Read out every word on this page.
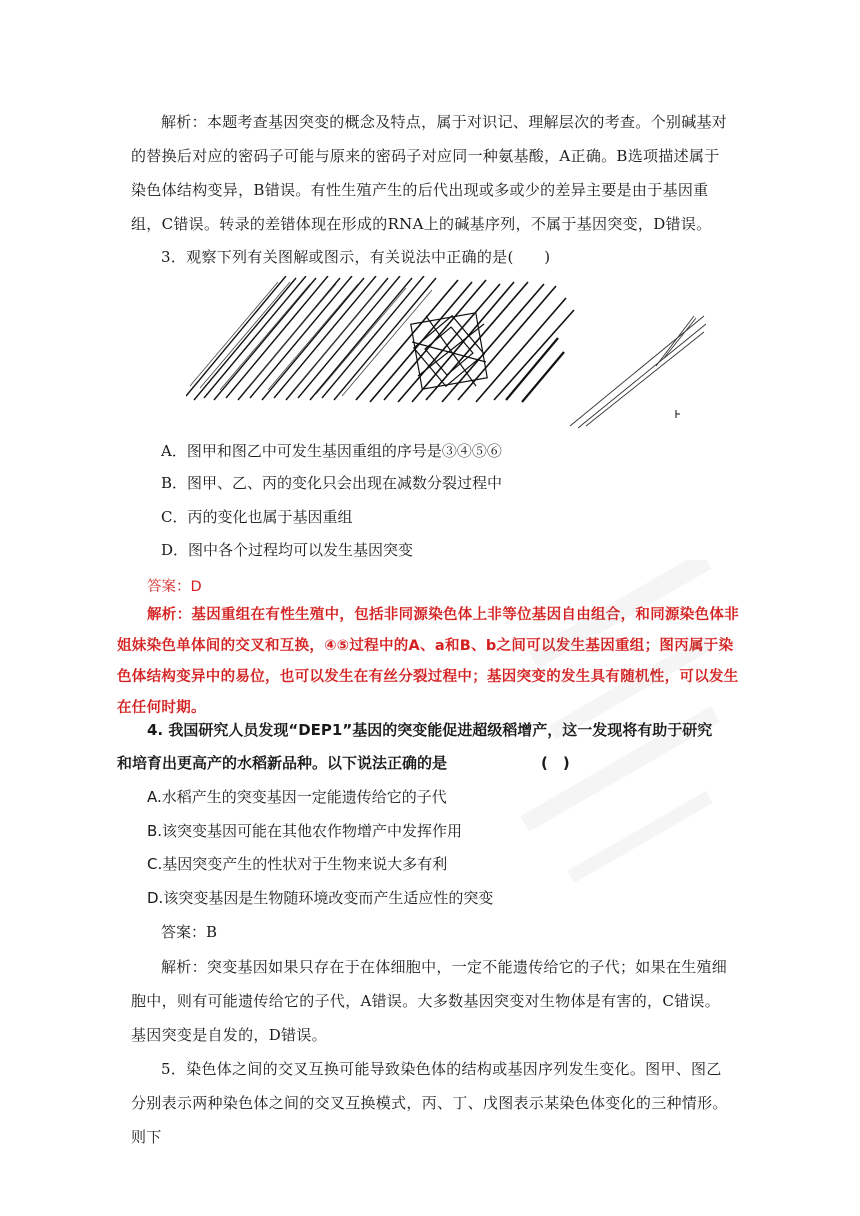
解析：本题考查基因突变的概念及特点，属于对识记、理解层次的考查。个别碱基对的替换后对应的密码子可能与原来的密码子对应同一种氨基酸，A正确。B选项描述属于染色体结构变异，B错误。有性生殖产生的后代出现或多或少的差异主要是由于基因重组，C错误。转录的差错体现在形成的RNA上的碱基序列，不属于基因突变，D错误。

3．观察下列有关图解或图示，有关说法中正确的是(　　)

A．图甲和图乙中可发生基因重组的序号是③④⑤⑥

B．图甲、乙、丙的变化只会出现在减数分裂过程中

C．丙的变化也属于基因重组

D．图中各个过程均可以发生基因突变

答案：D

解析：基因重组在有性生殖中，包括非同源染色体上非等位基因自由组合，和同源染色体非姐妹染色单体间的交叉和互换，④⑤过程中的A、a和B、b之间可以发生基因重组；图丙属于染色体结构变异中的易位，也可以发生在有丝分裂过程中；基因突变的发生具有随机性，可以发生在任何时期。

4. 我国研究人员发现“DEP1”基因的突变能促进超级稻增产，这一发现将有助于研究

和培育出更高产的水稻新品种。以下说法正确的是	(　)

A.水稻产生的突变基因一定能遗传给它的子代

B.该突变基因可能在其他农作物增产中发挥作用

C.基因突变产生的性状对于生物来说大多有利

D.该突变基因是生物随环境改变而产生适应性的突变

答案：B

解析：突变基因如果只存在于在体细胞中，一定不能遗传给它的子代；如果在生殖细胞中，则有可能遗传给它的子代，A错误。大多数基因突变对生物体是有害的，C错误。基因突变是自发的，D错误。

5．染色体之间的交叉互换可能导致染色体的结构或基因序列发生变化。图甲、图乙分别表示两种染色体之间的交叉互换模式，丙、丁、戊图表示某染色体变化的三种情形。则下
